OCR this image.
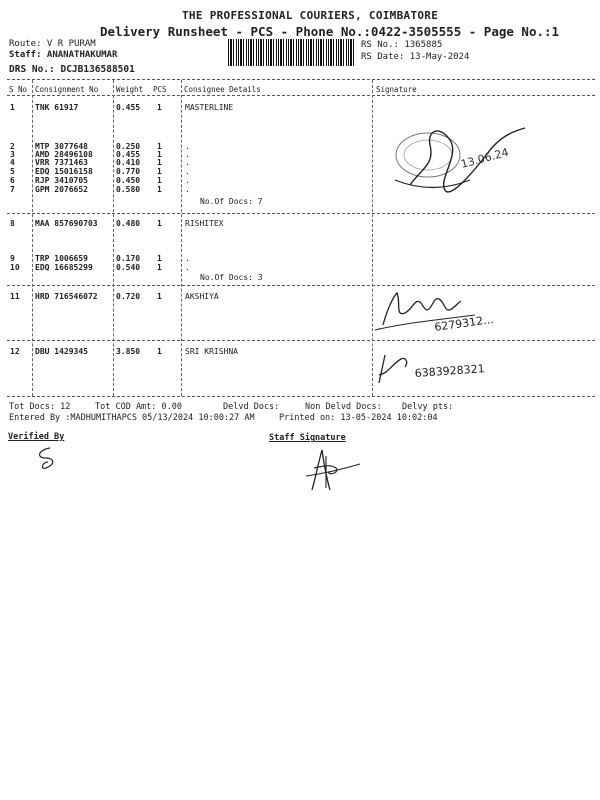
THE PROFESSIONAL COURIERS, COIMBATORE
Delivery Runsheet - PCS - Phone No.:0422-3505555 - Page No.:1
Route: V R PURAM
Staff: ANANATHAKUMAR
DRS No.: DCJB136588501
RS No.: 1365885
RS Date: 13-May-2024
S No Consignment No Weight PCS Consignee Details	Signature
1	TNK 61917	0.455 1	MASTERLINE
2	MTP 3077648	0.250 1	.
3	AMD 28496108	0.455 1	.
4	VRR 7371463	0.410 1	.
5	EDQ 15016158	0.770 1	.
6	RJP 3410705	0.450 1	.
7	GPM 2076652	0.580 1	.
No.Of Docs: 7
8	MAA 857690703 0.480 1	RISHITEX
9	TRP 1006659	0.170 1	.
10 EDQ 16685299	0.540 1	.
No.Of Docs: 3
11 HRD 716546072 0.720 1	AKSHIYA
12 DBU 1429345	3.850 1	SRI KRISHNA
13.06.24
6279312...
6383928321
Tot Docs: 12	Tot COD Amt: 0.00	Delvd Docs:	Non Delvd Docs: Delvy pts:
Entered By :MADHUMITHAPCS 05/13/2024 10:00:27 AM	Printed on: 13-05-2024 10:02:04
Verified By	Staff Signature
